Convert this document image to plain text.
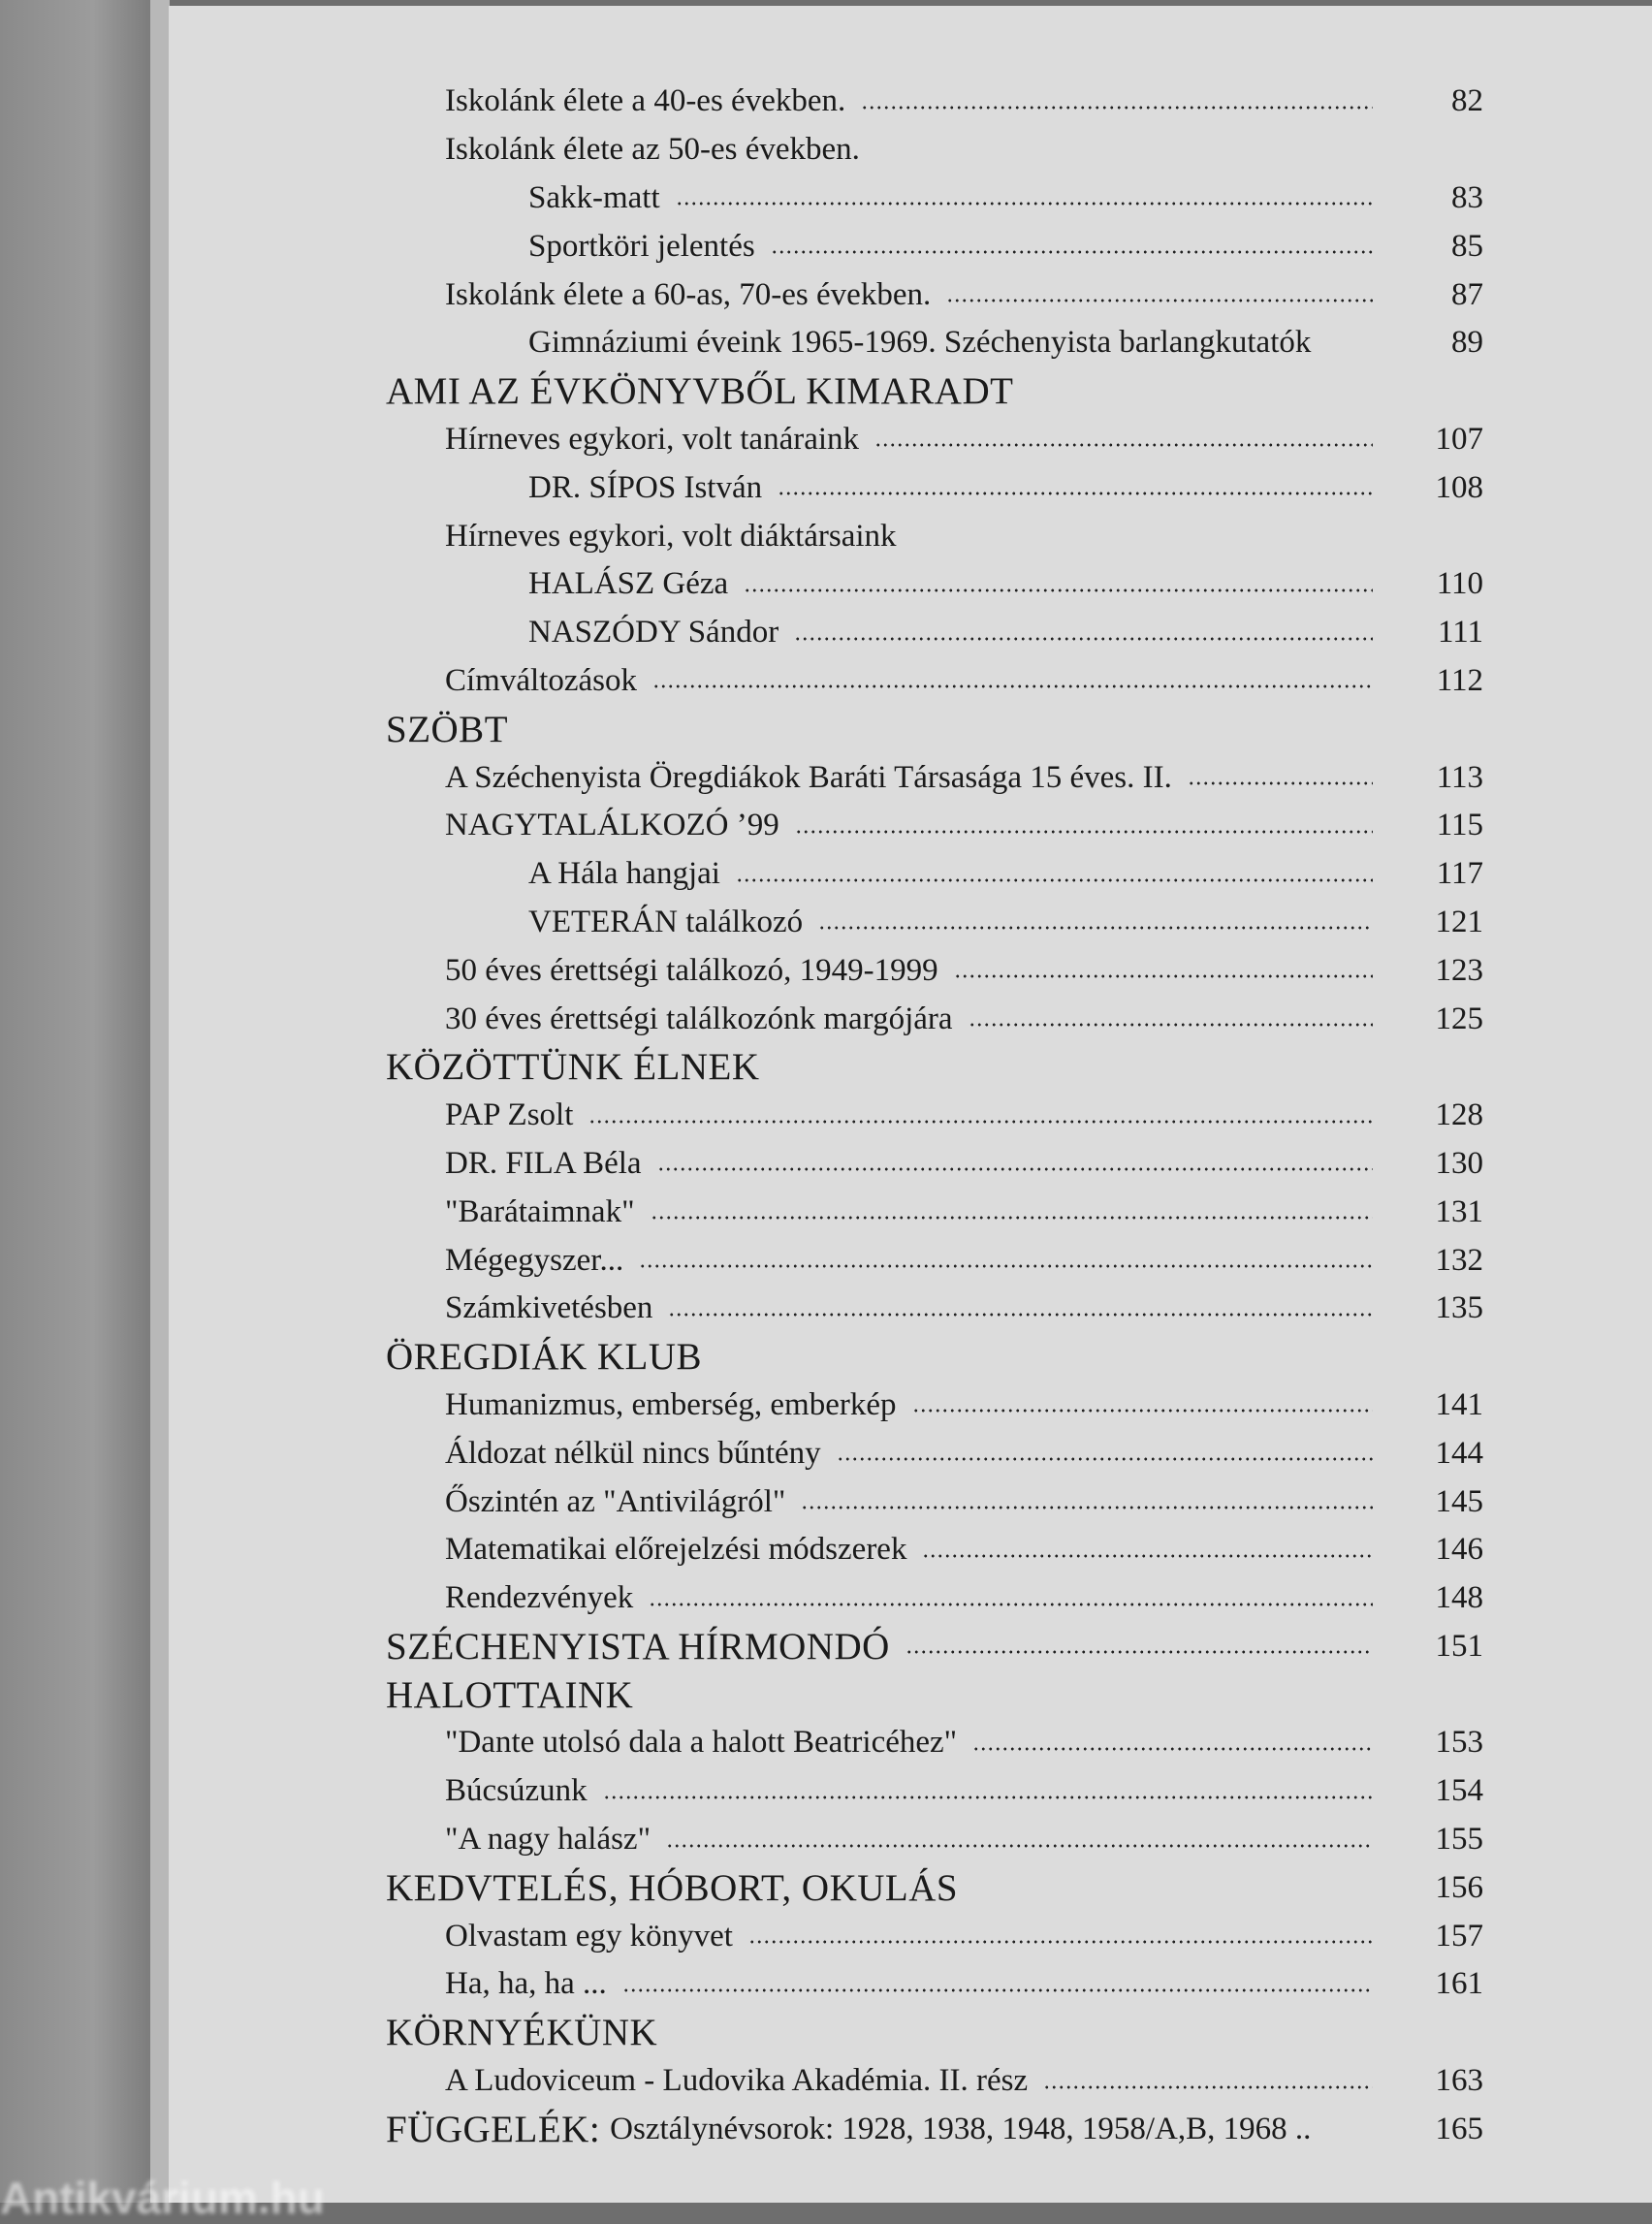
Iskolánk élete a 40-es években.	82
Iskolánk élete az 50-es években.
Sakk-matt	83
Sportköri jelentés	85
Iskolánk élete a 60-as, 70-es években.	87
Gimnáziumi éveink 1965-1969. Széchenyista barlangkutatók	89
AMI AZ ÉVKÖNYVBŐL KIMARADT
Hírneves egykori, volt tanáraink	107
DR. SÍPOS István	108
Hírneves egykori, volt diáktársaink
HALÁSZ Géza	110
NASZÓDY Sándor	111
Címváltozások	112
SZÖBT
A Széchenyista Öregdiákok Baráti Társasága 15 éves. II.	113
NAGYTALÁLKOZÓ ’99	115
A Hála hangjai	117
VETERÁN találkozó	121
50 éves érettségi találkozó, 1949-1999	123
30 éves érettségi találkozónk margójára	125
KÖZÖTTÜNK ÉLNEK
PAP Zsolt	128
DR. FILA Béla	130
"Barátaimnak"	131
Mégegyszer...	132
Számkivetésben	135
ÖREGDIÁK KLUB
Humanizmus, emberség, emberkép	141
Áldozat nélkül nincs bűntény	144
Őszintén az "Antivilágról"	145
Matematikai előrejelzési módszerek	146
Rendezvények	148
SZÉCHENYISTA HÍRMONDÓ	151
HALOTTAINK
"Dante utolsó dala a halott Beatricéhez"	153
Búcsúzunk	154
"A nagy halász"	155
KEDVTELÉS, HÓBORT, OKULÁS	156
Olvastam egy könyvet	157
Ha, ha, ha ...	161
KÖRNYÉKÜNK
A Ludoviceum - Ludovika Akadémia. II. rész	163
FÜGGELÉK: Osztálynévsorok: 1928, 1938, 1948, 1958/A,B, 1968 ..	165
Antikvárium.hu
